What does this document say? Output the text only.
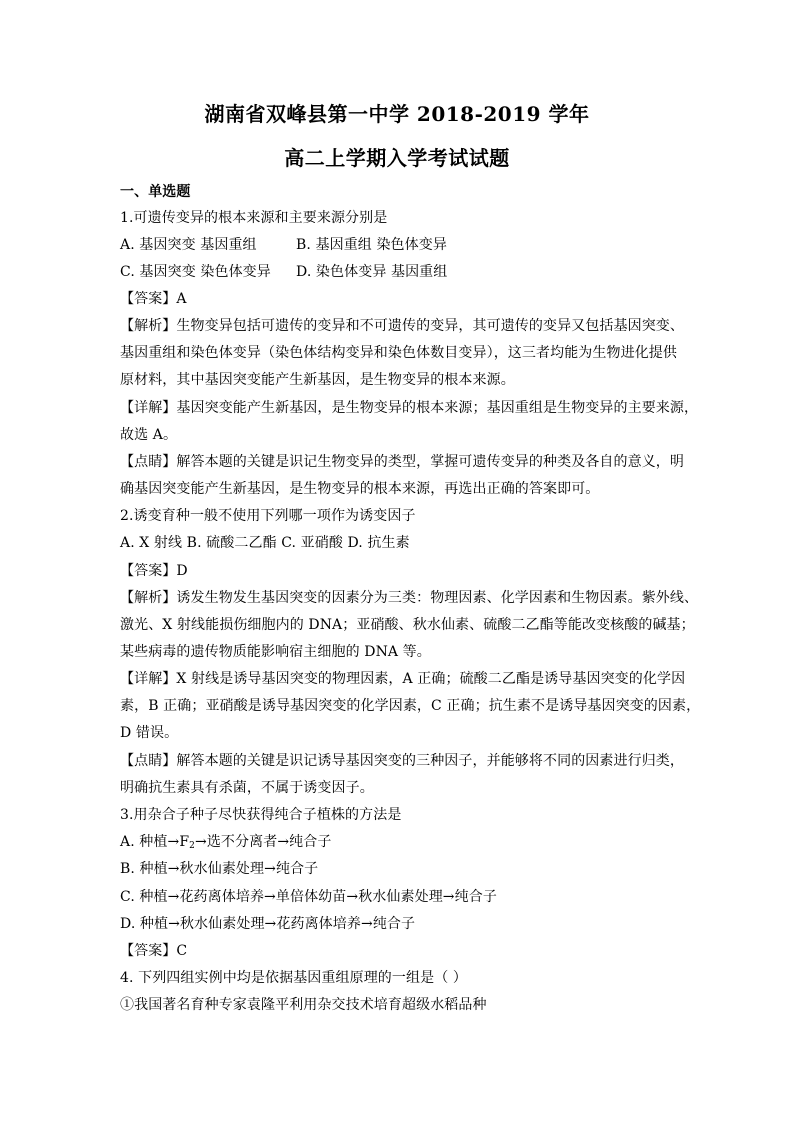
湖南省双峰县第一中学 2018-2019 学年
高二上学期入学考试试题
一、单选题
1.可遗传变异的根本来源和主要来源分别是
A. 基因突变 基因重组	B. 基因重组 染色体变异
C. 基因突变 染色体变异 D. 染色体变异 基因重组
【答案】A
【解析】生物变异包括可遗传的变异和不可遗传的变异，其可遗传的变异又包括基因突变、
基因重组和染色体变异（染色体结构变异和染色体数目变异），这三者均能为生物进化提供
原材料，其中基因突变能产生新基因，是生物变异的根本来源。
【详解】基因突变能产生新基因，是生物变异的根本来源；基因重组是生物变异的主要来源，
故选 A。
【点睛】解答本题的关键是识记生物变异的类型，掌握可遗传变异的种类及各自的意义，明
确基因突变能产生新基因，是生物变异的根本来源，再选出正确的答案即可。
2.诱变育种一般不使用下列哪一项作为诱变因子
A. X 射线 B. 硫酸二乙酯 C. 亚硝酸 D. 抗生素
【答案】D
【解析】诱发生物发生基因突变的因素分为三类：物理因素、化学因素和生物因素。紫外线、
激光、X 射线能损伤细胞内的 DNA；亚硝酸、秋水仙素、硫酸二乙酯等能改变核酸的碱基；
某些病毒的遗传物质能影响宿主细胞的 DNA 等。
【详解】X 射线是诱导基因突变的物理因素，A 正确；硫酸二乙酯是诱导基因突变的化学因
素，B 正确；亚硝酸是诱导基因突变的化学因素，C 正确；抗生素不是诱导基因突变的因素，
D 错误。
【点睛】解答本题的关键是识记诱导基因突变的三种因子，并能够将不同的因素进行归类，
明确抗生素具有杀菌，不属于诱变因子。
3.用杂合子种子尽快获得纯合子植株的方法是
A. 种植$\to F_2\to$选不分离者→纯合子
B. 种植→秋水仙素处理→纯合子
C. 种植→花药离体培养→单倍体幼苗→秋水仙素处理→纯合子
D. 种植→秋水仙素处理→花药离体培养→纯合子
【答案】C
4. 下列四组实例中均是依据基因重组原理的一组是（ ）
①我国著名育种专家袁隆平利用杂交技术培育超级水稻品种
